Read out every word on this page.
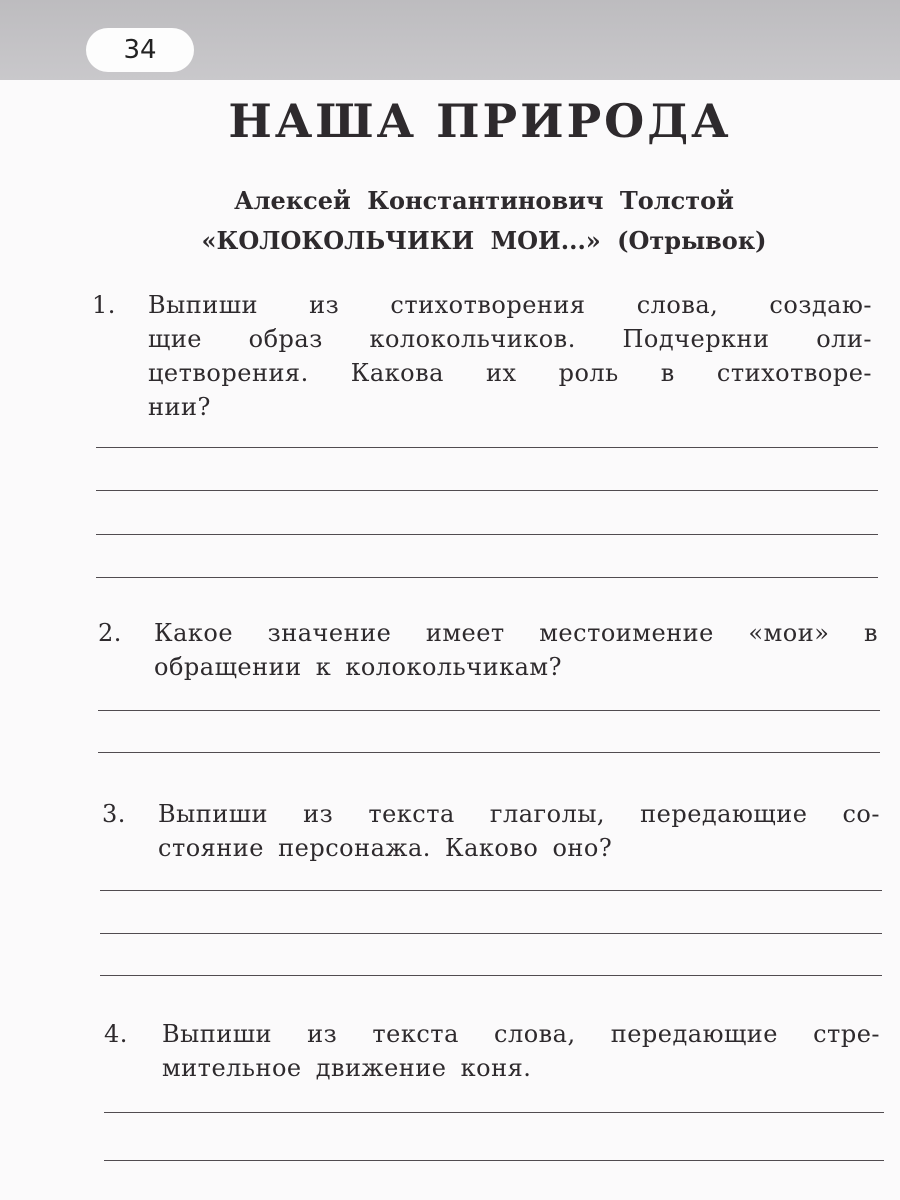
34
НАША ПРИРОДА
Алексей Константинович Толстой
«КОЛОКОЛЬЧИКИ МОИ...» (Отрывок)
1. Выпиши из стихотворения слова, создаю-
щие образ колокольчиков. Подчеркни оли-
цетворения. Какова их роль в стихотворе-
нии?
2. Какое значение имеет местоимение «мои» в
обращении к колокольчикам?
3. Выпиши из текста глаголы, передающие со-
стояние персонажа. Каково оно?
4. Выпиши из текста слова, передающие стре-
мительное движение коня.
